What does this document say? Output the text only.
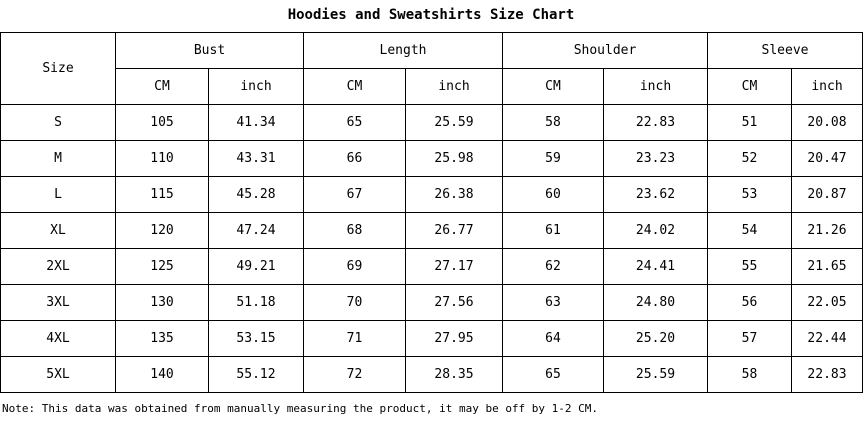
Hoodies and Sweatshirts Size Chart
Size	Bust		Length		Shoulder		Sleeve	
	CM	inch	CM	inch	CM	inch	CM	inch
S	105	41.34	65	25.59	58	22.83	51	20.08
M	110	43.31	66	25.98	59	23.23	52	20.47
L	115	45.28	67	26.38	60	23.62	53	20.87
XL	120	47.24	68	26.77	61	24.02	54	21.26
2XL	125	49.21	69	27.17	62	24.41	55	21.65
3XL	130	51.18	70	27.56	63	24.80	56	22.05
4XL	135	53.15	71	27.95	64	25.20	57	22.44
5XL	140	55.12	72	28.35	65	25.59	58	22.83
Note: This data was obtained from manually measuring the product, it may be off by 1-2 CM.
